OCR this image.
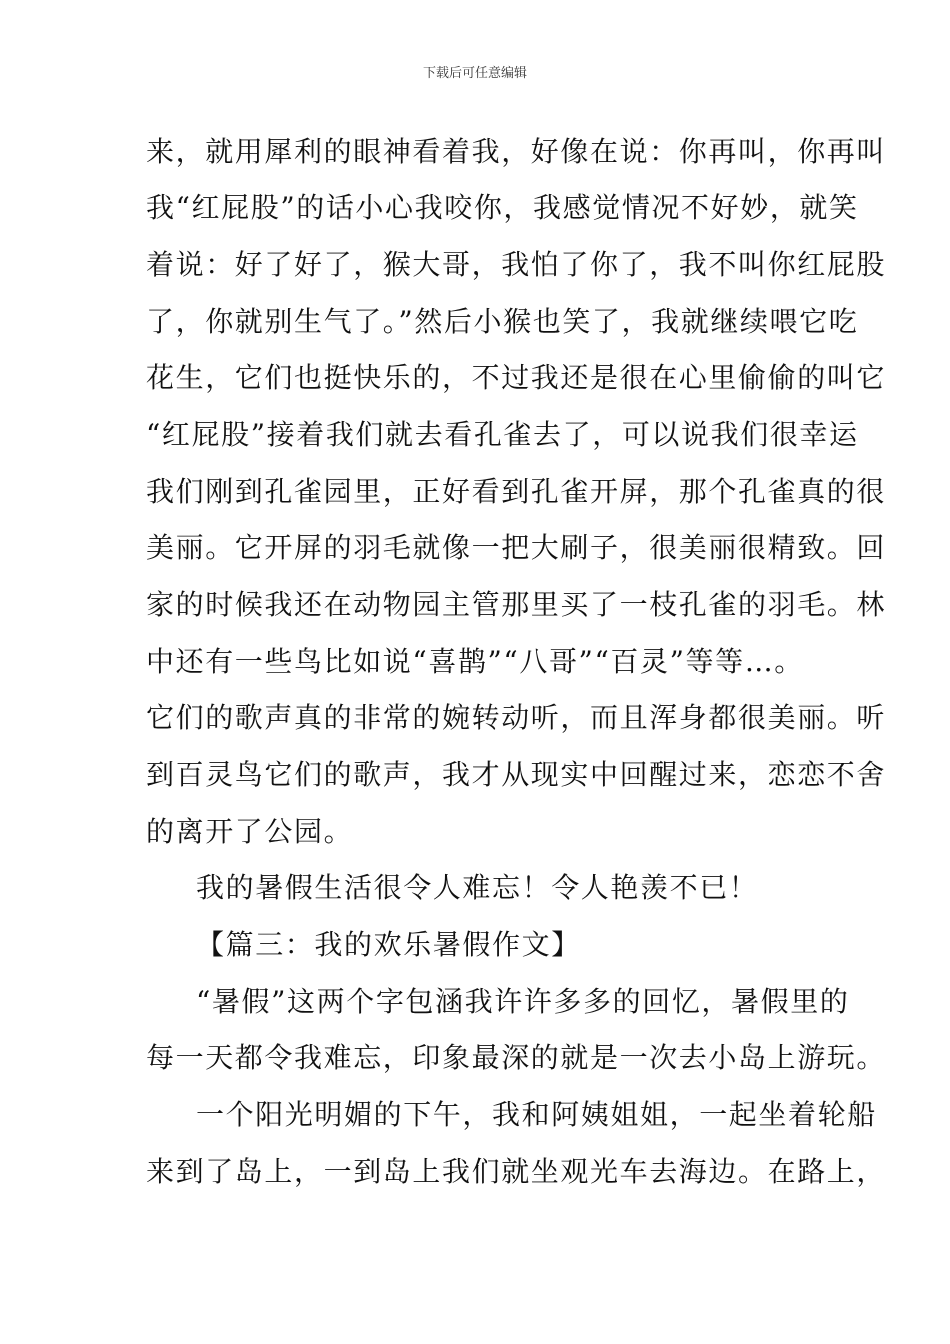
下载后可任意编辑
来，就用犀利的眼神看着我，好像在说：你再叫，你再叫
我“红屁股”的话小心我咬你，我感觉情况不好妙，就笑
着说：好了好了，猴大哥，我怕了你了，我不叫你红屁股
了，你就别生气了。”然后小猴也笑了，我就继续喂它吃
花生，它们也挺快乐的，不过我还是很在心里偷偷的叫它
“红屁股”接着我们就去看孔雀去了，可以说我们很幸运
我们刚到孔雀园里，正好看到孔雀开屏，那个孔雀真的很
美丽。它开屏的羽毛就像一把大刷子，很美丽很精致。回
家的时候我还在动物园主管那里买了一枝孔雀的羽毛。林
中还有一些鸟比如说“喜鹊”“八哥”“百灵”等等…。
它们的歌声真的非常的婉转动听，而且浑身都很美丽。听
到百灵鸟它们的歌声，我才从现实中回醒过来，恋恋不舍
的离开了公园。
我的暑假生活很令人难忘！令人艳羡不已！
【篇三：我的欢乐暑假作文】
“暑假”这两个字包涵我许许多多的回忆，暑假里的
每一天都令我难忘，印象最深的就是一次去小岛上游玩。
一个阳光明媚的下午，我和阿姨姐姐，一起坐着轮船
来到了岛上，一到岛上我们就坐观光车去海边。在路上，
